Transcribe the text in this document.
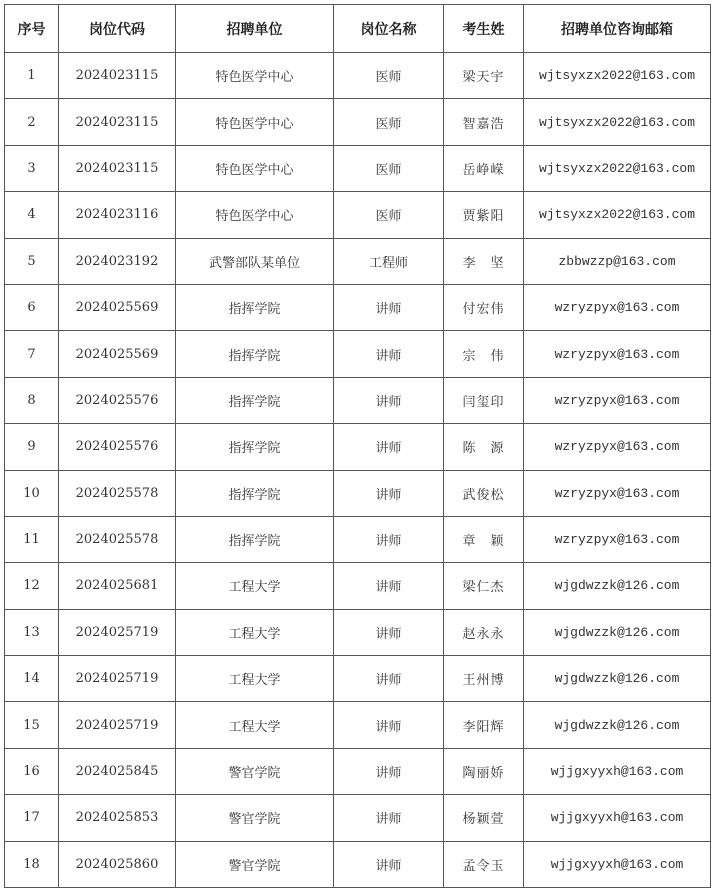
序号	岗位代码	招聘单位	岗位名称	考生姓	招聘单位咨询邮箱
1	2024023115	特色医学中心	医师	梁天宇	wjtsyxzx2022@163.com
2	2024023115	特色医学中心	医师	智嘉浩	wjtsyxzx2022@163.com
3	2024023115	特色医学中心	医师	岳峥嵘	wjtsyxzx2022@163.com
4	2024023116	特色医学中心	医师	贾紫阳	wjtsyxzx2022@163.com
5	2024023192	武警部队某单位	工程师	李　坚	zbbwzzp@163.com
6	2024025569	指挥学院	讲师	付宏伟	wzryzpyx@163.com
7	2024025569	指挥学院	讲师	宗　伟	wzryzpyx@163.com
8	2024025576	指挥学院	讲师	闫玺印	wzryzpyx@163.com
9	2024025576	指挥学院	讲师	陈　源	wzryzpyx@163.com
10	2024025578	指挥学院	讲师	武俊松	wzryzpyx@163.com
11	2024025578	指挥学院	讲师	章　颖	wzryzpyx@163.com
12	2024025681	工程大学	讲师	梁仁杰	wjgdwzzk@126.com
13	2024025719	工程大学	讲师	赵永永	wjgdwzzk@126.com
14	2024025719	工程大学	讲师	王州博	wjgdwzzk@126.com
15	2024025719	工程大学	讲师	李阳辉	wjgdwzzk@126.com
16	2024025845	警官学院	讲师	陶丽娇	wjjgxyyxh@163.com
17	2024025853	警官学院	讲师	杨颖萱	wjjgxyyxh@163.com
18	2024025860	警官学院	讲师	孟令玉	wjjgxyyxh@163.com
